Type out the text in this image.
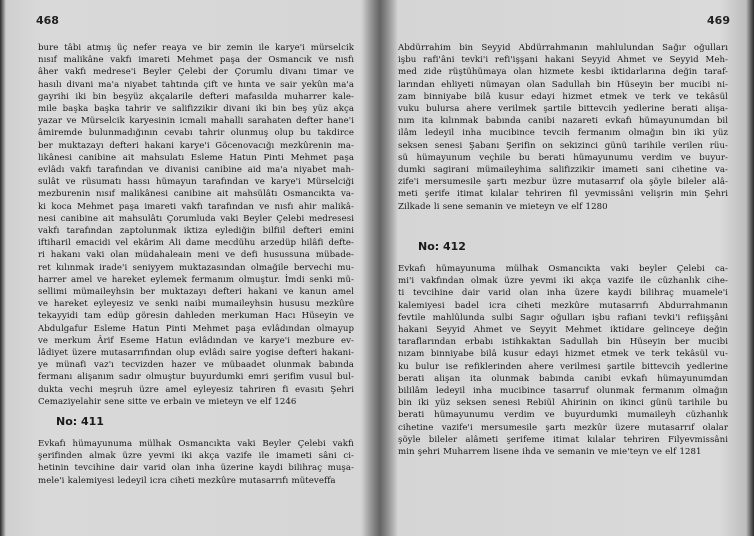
468
bure tâbi atmış üç nefer reaya ve bir zemin ile karye'i mürselcik
nısıf malikâne vakfı imareti Mehmet paşa der Osmancık ve nısfı
âher vakfı medrese'i Beyler Çelebi der Çorumlu divanı timar ve
hasılı divani ma'a niyabet tahtında çift ve hınta ve sair yekûn ma'a
gayrihi iki bin beşyüz akçalarile defteri mafasılda muharrer kale-
mile başka başka tahrir ve salifizzikir divani iki bin beş yüz akça
yazar ve Mürselcik karyesinin icmali mahalli sarahaten defter hane'i
âmiremde bulunmadığının cevabı tahrir olunmuş olup bu takdirce
ber muktazayı defteri hakani karye'i Göcenovacığı mezkûrenin ma-
likânesi canibine ait mahsulatı Esleme Hatun Pinti Mehmet paşa
evlâdı vakfı tarafından ve divanisi canibine aid ma'a niyabet mah-
sulât ve rüsumatı hassı hümayun tarafından ve karye'i Mürselciği
mezburenin nısıf malikânesi canibine ait mahsülâtı Osmancıkta va-
ki koca Mehmet paşa imareti vakfı tarafından ve nısfı ahir malikâ-
nesi canibine ait mahsulâtı Çorumluda vaki Beyler Çelebi medresesi
vakfı tarafından zaptolunmak iktiza eylediğin bilfiil defteri emini
iftiharil emacidi vel ekârim Ali dame mecdühu arzedüp hilâfi defte-
ri hakanı vaki olan müdahaleain meni ve defi husussuna mübade-
ret kılınmak irade'i seniyyem muktazasından olmağile bervechi mu-
harrer amel ve hareket eylemek fermanım olmuştur. İmdi senki mü-
sellimi mümaileyhsin ber muktazayı defteri hakani ve kanun amel
ve hareket eyleyesiz ve senki naibi mumaileyhsin hususu mezkûre
tekayyidi tam edüp göresin dahleden merkuman Hacı Hüseyin ve
Abdulgafur Esleme Hatun Pinti Mehmet paşa evlâdından olmayup
ve merkum Ârif Eseme Hatun evlâdından ve karye'i mezbure ev-
lâdiyet üzere mutasarrıfından olup evlâdı saire yogise defteri hakani-
ye münafi vaz'ı tecvizden hazer ve mübaadet olunmak babında
fermanı alişanım sadır olmuştur buyurdumki emri şerifim vusul bul-
dukta vechi meşruh üzre amel eyleyesiz tahriren fi evasıtı Şehri
Cemaziyelahir sene sitte ve erbain ve mieteyn ve elf 1246
No: 411
Evkafı hümayunuma mülhak Osmancıkta vaki Beyler Çelebi vakfı
şerifinden almak üzre yevmi iki akça vazife ile imameti sâni ci-
hetinin tevcihine dair varid olan inha üzerine kaydi bilihraç muşa-
mele'i kalemiyesi ledeyil icra ciheti mezkûre mutasarrıfı müteveffa
469
Abdürrahim bin Seyyid Abdürrahmanın mahlulundan Sağır oğulları
işbu rafi'âni tevki'i refi'işşani hakani Seyyid Ahmet ve Seyyid Meh-
med zide rüştühümaya olan hizmete kesbi iktidarlarına değin taraf-
larından ehliyeti nümayan olan Sadullah bin Hüseyin ber mucibi ni-
zam binniyabe bilâ kusur edayi hizmet etmek ve terk ve tekâsül
vuku bulursa ahere verilmek şartile bittevcih yedlerine berati alişa-
nım ita kılınmak babında canibi nazareti evkafı hümayunumdan bil
ilâm ledeyil inha mucibince tevcih fermanım olmağın bin iki yüz
seksen senesi Şabanı Şerifin on sekizinci günü tarihile verilen rüu-
sü hümayunum veçhile bu berati hümayunumu verdim ve buyur-
dumki sagirani mümaileyhima salifizzikir imameti sani cihetine va-
zife'i mersumesile şartı mezbur üzre mutasarrıf ola şöyle bileler alâ-
meti şerife itimat kılalar tehriren fil yevmissâni velişrin min Şehri
Zilkade li sene semanin ve mieteyn ve elf 1280
No: 412
Evkafı hümayunuma mülhak Osmancıkta vaki beyler Çelebi ca-
mi'i vakfından olmak üzre yevmi iki akça vazife ile cüzhanlık cihe-
ti tevcihine dair varid olan inha üzere kaydi bilihraç muamele'i
kalemiyesi badel icra ciheti mezkûre mutasarrıfı Abdurrahmanın
fevtile mahlûlunda sulbi Sagır oğulları işbu rafiani tevki'i refiişşâni
hakani Seyyid Ahmet ve Seyyit Mehmet iktidare gelinceye değin
taraflarından erbabı istihkaktan Sadullah bin Hüseyin ber mucibi
nızam binniyabe bilâ kusur edayi hizmet etmek ve terk tekâsül vu-
ku bulur ise refiklerinden ahere verilmesi şartile bittevcih yedlerine
berati alişan ita olunmak babında canibi evkafı hümayunumdan
bililâm ledeyil inha mucibince tasarruf olunmak fermanım olmağın
bin iki yüz seksen senesi Rebiül Ahirinin on ikinci günü tarihile bu
berati hümayunumu verdim ve buyurdumki mumaileyh cüzhanlık
cihetine vazife'i mersumesile şartı mezkûr üzere mutasarrıf olalar
şöyle bileler alâmeti şerifeme itimat kılalar tehriren Filyevmissâni
min şehri Muharrem lisene ihda ve semanin ve mie'teyn ve elf 1281
